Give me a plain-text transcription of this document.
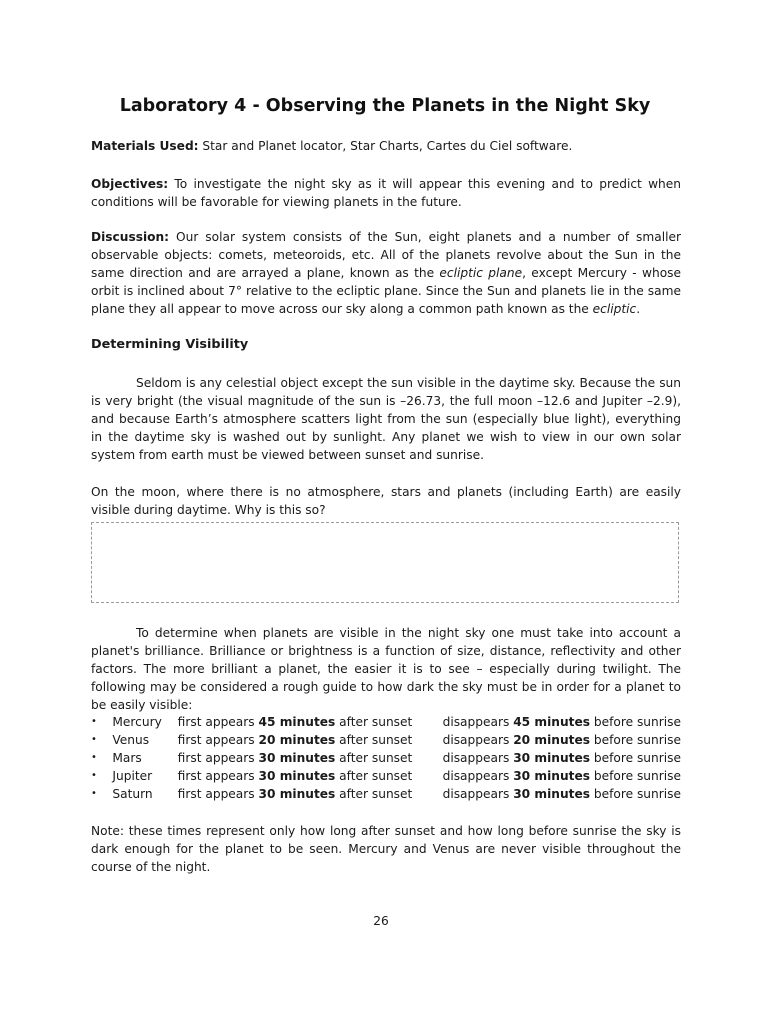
Laboratory 4 - Observing the Planets in the Night Sky
Materials Used: Star and Planet locator, Star Charts, Cartes du Ciel software.
Objectives: To investigate the night sky as it will appear this evening and to predict when conditions will be favorable for viewing planets in the future.
Discussion: Our solar system consists of the Sun, eight planets and a number of smaller observable objects: comets, meteoroids, etc. All of the planets revolve about the Sun in the same direction and are arrayed a plane, known as the ecliptic plane, except Mercury - whose orbit is inclined about 7° relative to the ecliptic plane. Since the Sun and planets lie in the same plane they all appear to move across our sky along a common path known as the ecliptic.
Determining Visibility
Seldom is any celestial object except the sun visible in the daytime sky. Because the sun is very bright (the visual magnitude of the sun is –26.73, the full moon –12.6 and Jupiter –2.9), and because Earth’s atmosphere scatters light from the sun (especially blue light), everything in the daytime sky is washed out by sunlight. Any planet we wish to view in our own solar system from earth must be viewed between sunset and sunrise.
On the moon, where there is no atmosphere, stars and planets (including Earth) are easily visible during daytime. Why is this so?
To determine when planets are visible in the night sky one must take into account a planet's brilliance. Brilliance or brightness is a function of size, distance, reflectivity and other factors. The more brilliant a planet, the easier it is to see – especially during twilight. The following may be considered a rough guide to how dark the sky must be in order for a planet to be easily visible:
•	Mercury	first appears 45 minutes after sunset	disappears 45 minutes before sunrise
•	Venus	first appears 20 minutes after sunset	disappears 20 minutes before sunrise
•	Mars	first appears 30 minutes after sunset	disappears 30 minutes before sunrise
•	Jupiter	first appears 30 minutes after sunset	disappears 30 minutes before sunrise
•	Saturn	first appears 30 minutes after sunset	disappears 30 minutes before sunrise
Note: these times represent only how long after sunset and how long before sunrise the sky is dark enough for the planet to be seen. Mercury and Venus are never visible throughout the course of the night.
26
